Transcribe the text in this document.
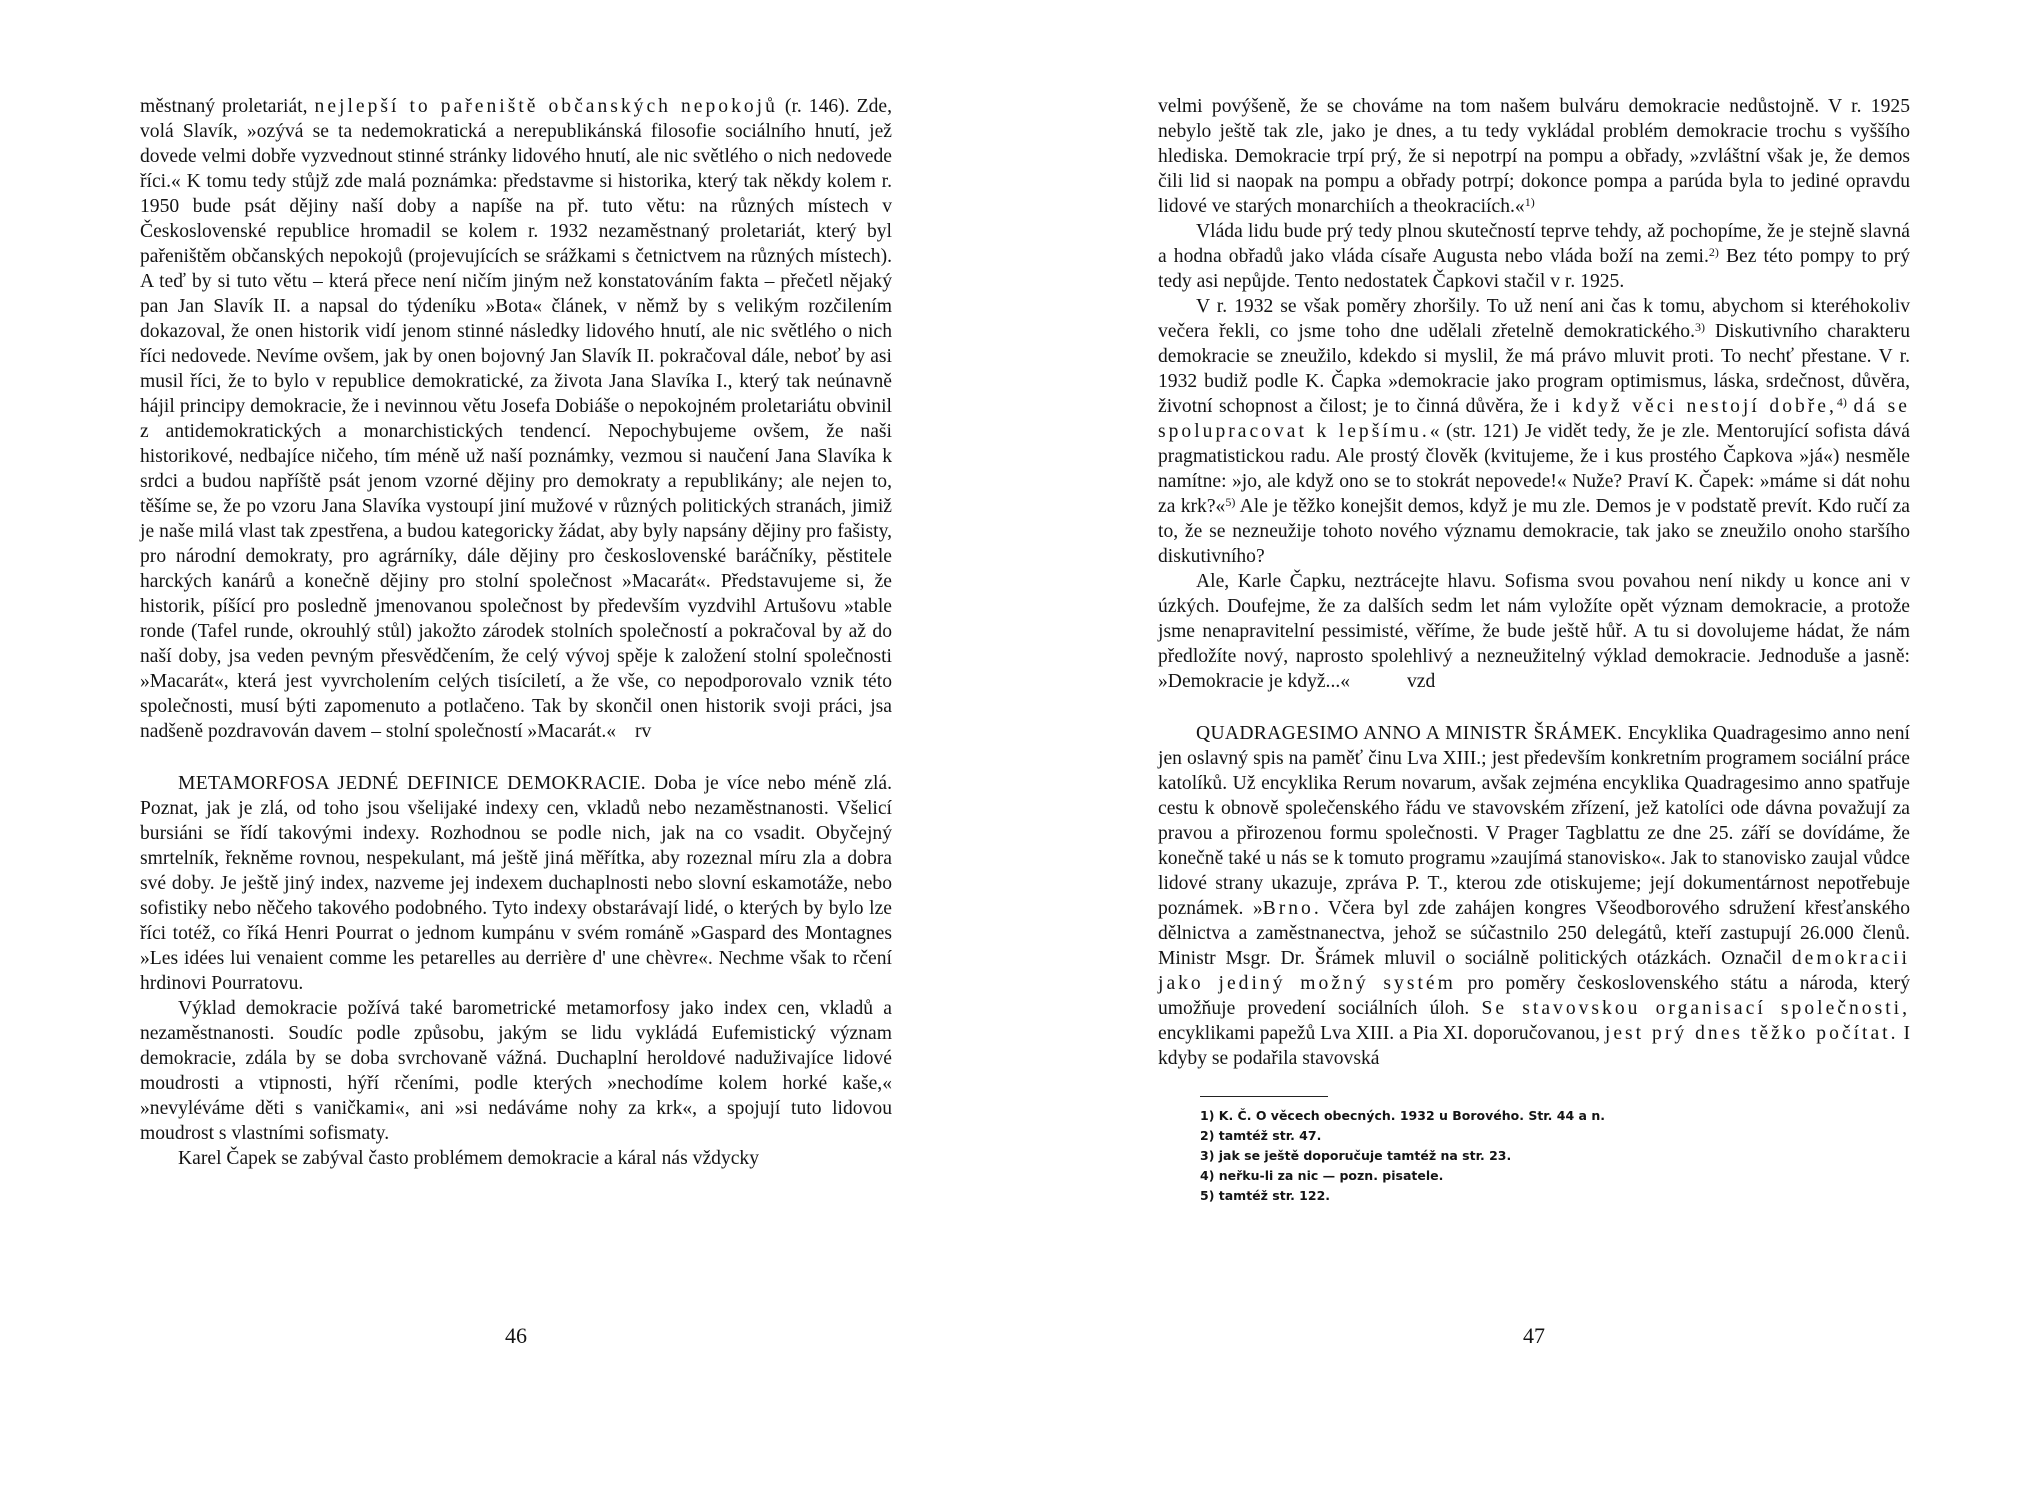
městnaný proletariát, nejlepší to pařeniště občanských nepokojů (r. 146). Zde, volá Slavík, »ozývá se ta nedemokratická a nerepublikánská filosofie sociálního hnutí, jež dovede velmi dobře vyzvednout stinné stránky lidového hnutí, ale nic světlého o nich nedovede říci.« K tomu tedy stůjž zde malá poznámka: představme si historika, který tak někdy kolem r. 1950 bude psát dějiny naší doby a napíše na př. tuto větu: na různých místech v Československé republice hromadil se kolem r. 1932 nezaměstnaný proletariát, který byl pařeništěm občanských nepokojů (projevujících se srážkami s četnictvem na různých místech). A teď by si tuto větu – která přece není ničím jiným než konstatováním fakta – přečetl nějaký pan Jan Slavík II. a napsal do týdeníku »Bota« článek, v němž by s velikým rozčilením dokazoval, že onen historik vidí jenom stinné následky lidového hnutí, ale nic světlého o nich říci nedovede. Nevíme ovšem, jak by onen bojovný Jan Slavík II. pokračoval dále, neboť by asi musil říci, že to bylo v republice demokratické, za života Jana Slavíka I., který tak neúnavně hájil principy demokracie, že i nevinnou větu Josefa Dobiáše o nepokojném proletariátu obvinil z antidemokratických a monarchistických tendencí. Nepochybujeme ovšem, že naši historikové, nedbajíce ničeho, tím méně už naší poznámky, vezmou si naučení Jana Slavíka k srdci a budou napříště psát jenom vzorné dějiny pro demokraty a republikány; ale nejen to, těšíme se, že po vzoru Jana Slavíka vystoupí jiní mužové v různých politických stranách, jimiž je naše milá vlast tak zpestřena, a budou kategoricky žádat, aby byly napsány dějiny pro fašisty, pro národní demokraty, pro agrárníky, dále dějiny pro československé baráčníky, pěstitele harckých kanárů a konečně dějiny pro stolní společnost »Macarát«. Představujeme si, že historik, píšící pro posledně jmenovanou společnost by především vyzdvihl Artušovu »table ronde (Tafel runde, okrouhlý stůl) jakožto zárodek stolních společností a pokračoval by až do naší doby, jsa veden pevným přesvědčením, že celý vývoj spěje k založení stolní společnosti »Macarát«, která jest vyvrcholením celých tisíciletí, a že vše, co nepodporovalo vznik této společnosti, musí býti zapomenuto a potlačeno. Tak by skončil onen historik svoji práci, jsa nadšeně pozdravován davem – stolní společností »Macarát.« rv

METAMORFOSA JEDNÉ DEFINICE DEMOKRACIE. Doba je více nebo méně zlá. Poznat, jak je zlá, od toho jsou všelijaké indexy cen, vkladů nebo nezaměstnanosti. Všelicí bursiáni se řídí takovými indexy. Rozhodnou se podle nich, jak na co vsadit. Obyčejný smrtelník, řekněme rovnou, nespekulant, má ještě jiná měřítka, aby rozeznal míru zla a dobra své doby. Je ještě jiný index, nazveme jej indexem duchaplnosti nebo slovní eskamotáže, nebo sofistiky nebo něčeho takového podobného. Tyto indexy obstarávají lidé, o kterých by bylo lze říci totéž, co říká Henri Pourrat o jednom kumpánu v svém románě »Gaspard des Montagnes »Les idées lui venaient comme les petarelles au derrière d' une chèvre«. Nechme však to rčení hrdinovi Pourratovu.

Výklad demokracie požívá také barometrické metamorfosy jako index cen, vkladů a nezaměstnanosti. Soudíc podle způsobu, jakým se lidu vykládá Eufemistický význam demokracie, zdála by se doba svrchovaně vážná. Duchaplní heroldové naduživajíce lidové moudrosti a vtipnosti, hýří rčeními, podle kterých »nechodíme kolem horké kaše,« »nevyléváme děti s vaničkami«, ani »si nedáváme nohy za krk«, a spojují tuto lidovou moudrost s vlastními sofismaty.

Karel Čapek se zabýval často problémem demokracie a káral nás vždycky

46

velmi povýšeně, že se chováme na tom našem bulváru demokracie nedůstojně. V r. 1925 nebylo ještě tak zle, jako je dnes, a tu tedy vykládal problém demokracie trochu s vyššího hlediska. Demokracie trpí prý, že si nepotrpí na pompu a obřady, »zvláštní však je, že demos čili lid si naopak na pompu a obřady potrpí; dokonce pompa a parúda byla to jediné opravdu lidové ve starých monarchiích a theokraciích.«$^{1)}$

Vláda lidu bude prý tedy plnou skutečností teprve tehdy, až pochopíme, že je stejně slavná a hodna obřadů jako vláda císaře Augusta nebo vláda boží na zemi.$^{2)}$ Bez této pompy to prý tedy asi nepůjde. Tento nedostatek Čapkovi stačil v r. 1925.

V r. 1932 se však poměry zhoršily. To už není ani čas k tomu, abychom si kteréhokoliv večera řekli, co jsme toho dne udělali zřetelně demokratického.$^{3)}$ Diskutivního charakteru demokracie se zneužilo, kdekdo si myslil, že má právo mluvit proti. To nechť přestane. V r. 1932 budiž podle K. Čapka »demokracie jako program optimismus, láska, srdečnost, důvěra, životní schopnost a čilost; je to činná důvěra, že i když věci nestojí dobře,$^{4)}$ dá se spolupracovat k lepšímu.« (str. 121) Je vidět tedy, že je zle. Mentorující sofista dává pragmatistickou radu. Ale prostý člověk (kvitujeme, že i kus prostého Čapkova »já«) nesměle namítne: »jo, ale když ono se to stokrát nepovede!« Nuže? Praví K. Čapek: »máme si dát nohu za krk?«$^{5)}$ Ale je těžko konejšit demos, když je mu zle. Demos je v podstatě prevít. Kdo ručí za to, že se nezneužije tohoto nového významu demokracie, tak jako se zneužilo onoho staršího diskutivního?

Ale, Karle Čapku, neztrácejte hlavu. Sofisma svou povahou není nikdy u konce ani v úzkých. Doufejme, že za dalších sedm let nám vyložíte opět význam demokracie, a protože jsme nenapravitelní pessimisté, věříme, že bude ještě hůř. A tu si dovolujeme hádat, že nám předložíte nový, naprosto spolehlivý a nezneužitelný výklad demokracie. Jednoduše a jasně: »Demokracie je když...«	vzd

QUADRAGESIMO ANNO A MINISTR ŠRÁMEK. Encyklika Quadragesimo anno není jen oslavný spis na paměť činu Lva XIII.; jest především konkretním programem sociální práce katolíků. Už encyklika Rerum novarum, avšak zejména encyklika Quadragesimo anno spatřuje cestu k obnově společenského řádu ve stavovském zřízení, jež katolíci ode dávna považují za pravou a přirozenou formu společnosti. V Prager Tagblattu ze dne 25. září se dovídáme, že konečně také u nás se k tomuto programu »zaujímá stanovisko«. Jak to stanovisko zaujal vůdce lidové strany ukazuje, zpráva P. T., kterou zde otiskujeme; její dokumentárnost nepotřebuje poznámek. »Brno. Včera byl zde zahájen kongres Všeodborového sdružení křesťanského dělnictva a zaměstnanectva, jehož se súčastnilo 250 delegátů, kteří zastupují 26.000 členů. Ministr Msgr. Dr. Šrámek mluvil o sociálně politických otázkách. Označil demokracii jako jediný možný systém pro poměry československého státu a národa, který umožňuje provedení sociálních úloh. Se stavovskou organisací společnosti, encyklikami papežů Lva XIII. a Pia XI. doporučovanou, jest prý dnes těžko počítat. I kdyby se podařila stavovská

1) K. Č. O věcech obecných. 1932 u Borového. Str. 44 a n.
2) tamtéž str. 47.
3) jak se ještě doporučuje tamtéž na str. 23.
4) neřku-li za nic — pozn. pisatele.
5) tamtéž str. 122.
47
